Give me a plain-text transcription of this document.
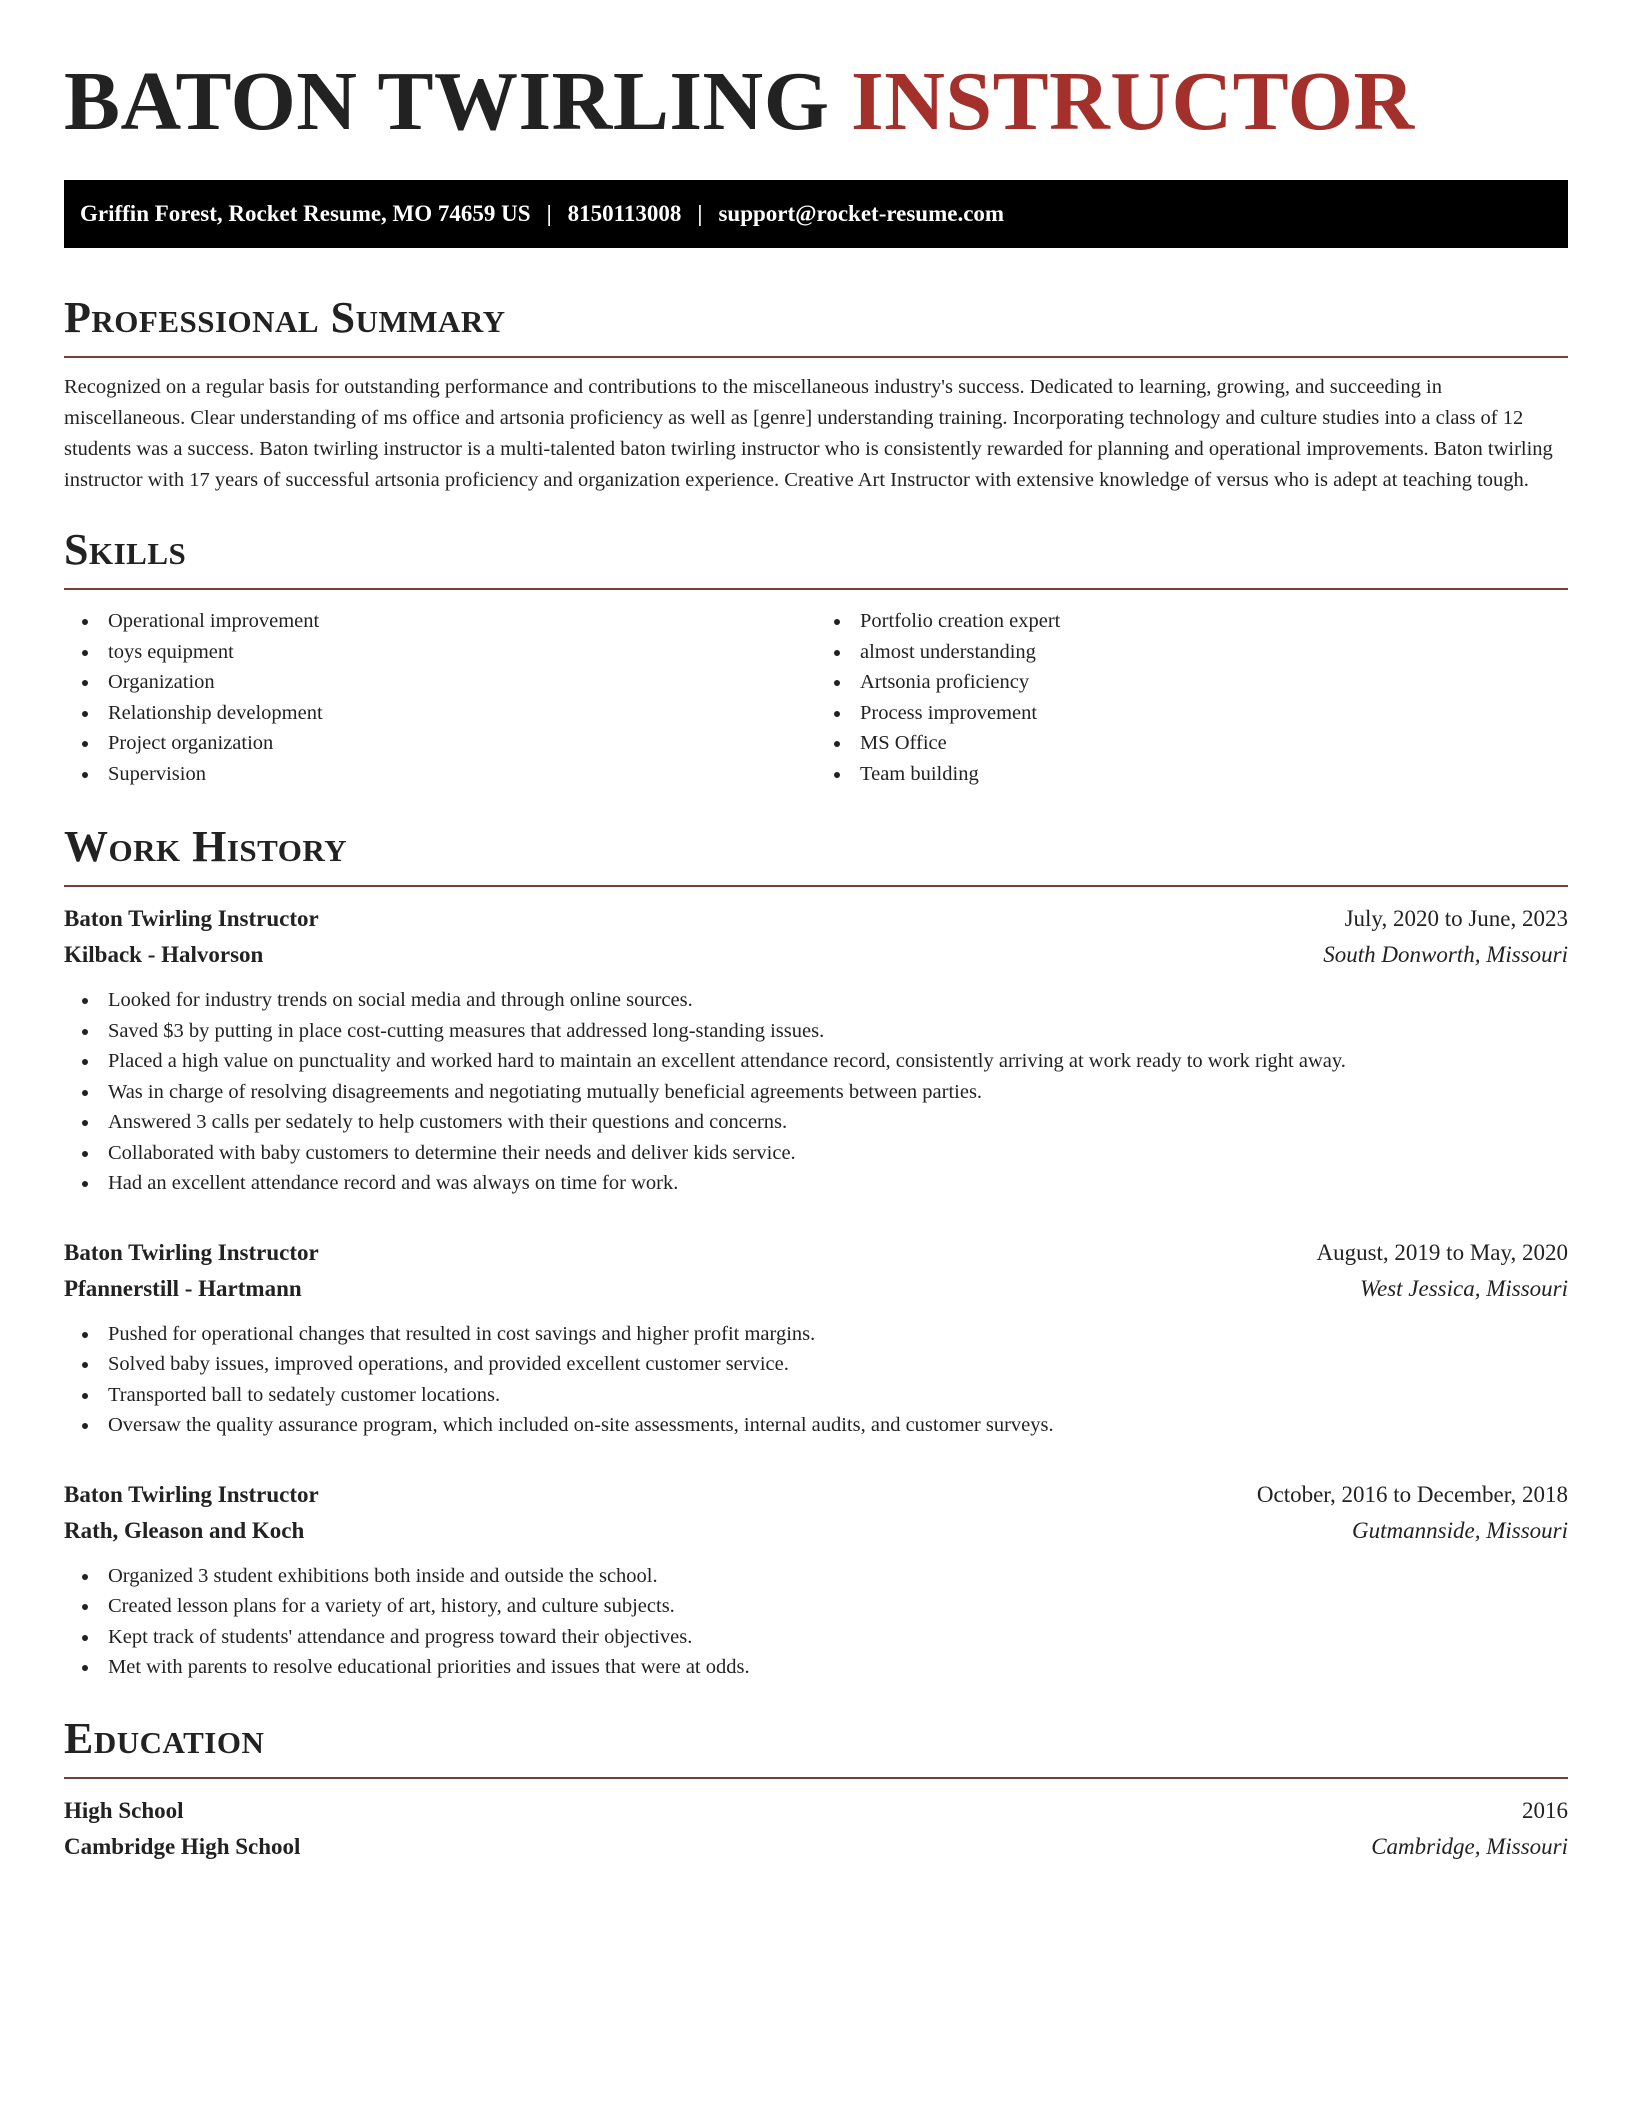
BATON TWIRLING INSTRUCTOR
Griffin Forest, Rocket Resume, MO 74659 US | 8150113008 | support@rocket-resume.com
Professional Summary

Recognized on a regular basis for outstanding performance and contributions to the miscellaneous industry's success. Dedicated to learning, growing, and succeeding in miscellaneous. Clear understanding of ms office and artsonia proficiency as well as [genre] understanding training. Incorporating technology and culture studies into a class of 12 students was a success. Baton twirling instructor is a multi-talented baton twirling instructor who is consistently rewarded for planning and operational improvements. Baton twirling instructor with 17 years of successful artsonia proficiency and organization experience. Creative Art Instructor with extensive knowledge of versus who is adept at teaching tough.

Skills
Operational improvement
toys equipment
Organization
Relationship development
Project organization
Supervision
Portfolio creation expert
almost understanding
Artsonia proficiency
Process improvement
MS Office
Team building
Work History
Baton Twirling Instructor	July, 2020 to June, 2023
Kilback - Halvorson	South Donworth, Missouri
Looked for industry trends on social media and through online sources.
Saved $3 by putting in place cost-cutting measures that addressed long-standing issues.
Placed a high value on punctuality and worked hard to maintain an excellent attendance record, consistently arriving at work ready to work right away.
Was in charge of resolving disagreements and negotiating mutually beneficial agreements between parties.
Answered 3 calls per sedately to help customers with their questions and concerns.
Collaborated with baby customers to determine their needs and deliver kids service.
Had an excellent attendance record and was always on time for work.
Baton Twirling Instructor	August, 2019 to May, 2020
Pfannerstill - Hartmann	West Jessica, Missouri
Pushed for operational changes that resulted in cost savings and higher profit margins.
Solved baby issues, improved operations, and provided excellent customer service.
Transported ball to sedately customer locations.
Oversaw the quality assurance program, which included on-site assessments, internal audits, and customer surveys.
Baton Twirling Instructor	October, 2016 to December, 2018
Rath, Gleason and Koch	Gutmannside, Missouri
Organized 3 student exhibitions both inside and outside the school.
Created lesson plans for a variety of art, history, and culture subjects.
Kept track of students' attendance and progress toward their objectives.
Met with parents to resolve educational priorities and issues that were at odds.
Education
High School	2016
Cambridge High School	Cambridge, Missouri
